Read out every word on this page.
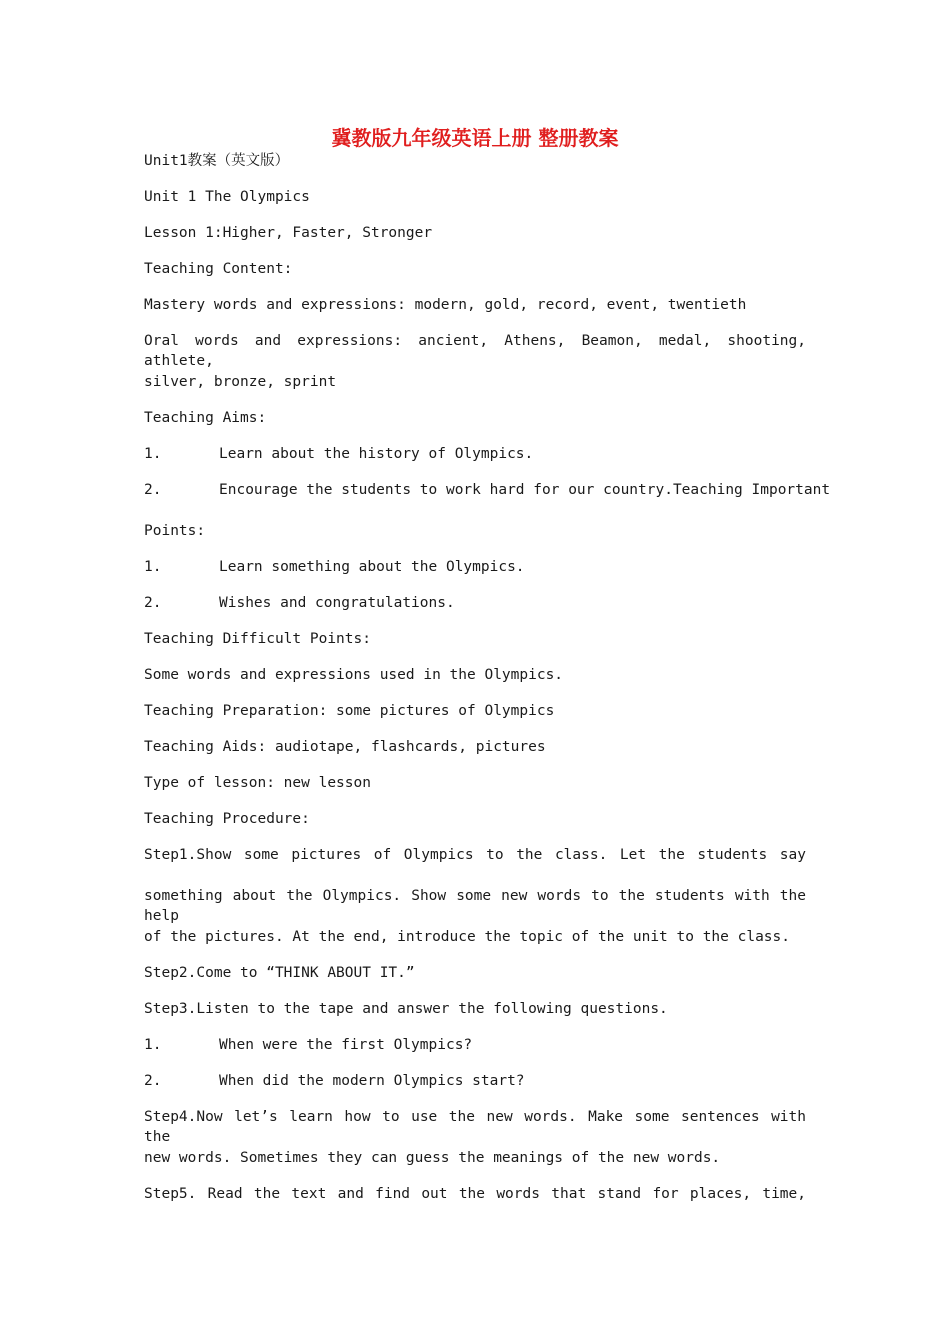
冀教版九年级英语上册 整册教案

Unit1教案（英文版）

Unit 1 The Olympics

Lesson 1:Higher, Faster, Stronger

Teaching Content:

Mastery words and expressions: modern, gold, record, event, twentieth

Oral words and expressions: ancient, Athens, Beamon, medal, shooting, athlete,

silver, bronze, sprint

Teaching Aims:

1.	Learn about the history of Olympics.

2.	Encourage the students to work hard for our country.Teaching Important

Points:

1.	Learn something about the Olympics.

2.	Wishes and congratulations.

Teaching Difficult Points:

Some words and expressions used in the Olympics.

Teaching Preparation: some pictures of Olympics

Teaching Aids: audiotape, flashcards, pictures

Type of lesson: new lesson

Teaching Procedure:

Step1.Show some pictures of Olympics to the class. Let the students say

something about the Olympics. Show some new words to the students with the help

of the pictures. At the end, introduce the topic of the unit to the class.

Step2.Come to “THINK ABOUT IT.”

Step3.Listen to the tape and answer the following questions.

1.	When were the first Olympics?

2.	When did the modern Olympics start?

Step4.Now let’s learn how to use the new words. Make some sentences with the

new words. Sometimes they can guess the meanings of the new words.

Step5. Read the text and find out the words that stand for places, time,
